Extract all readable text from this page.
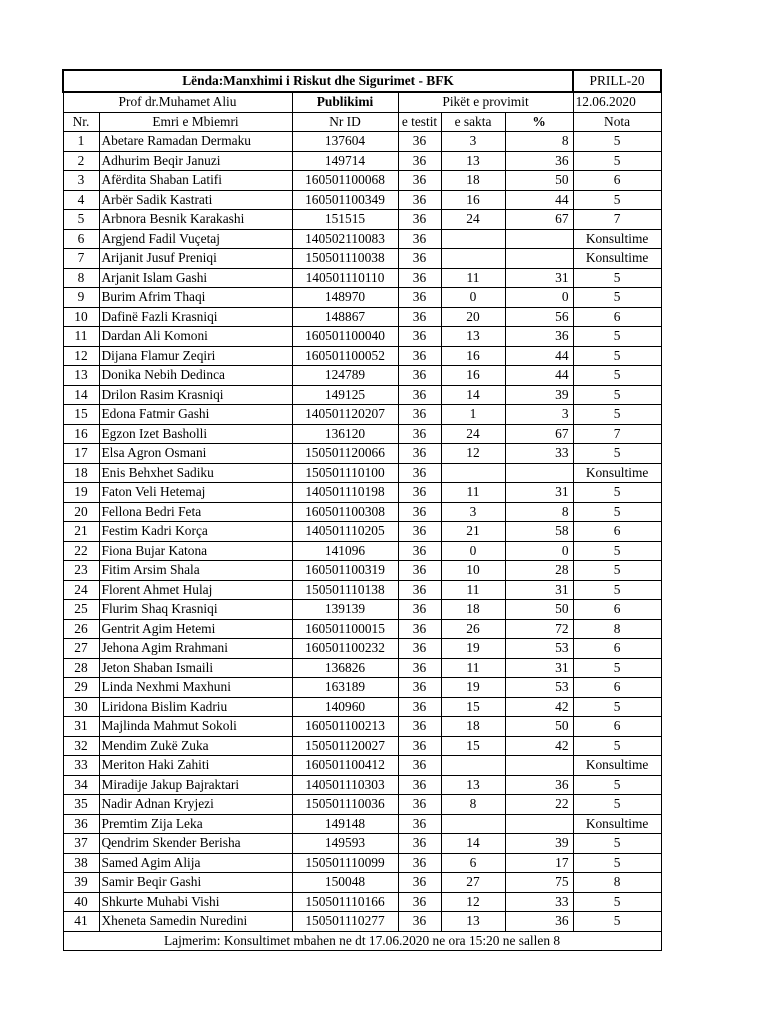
Lënda:Manxhimi i Riskut dhe Sigurimet - BFK						PRILL-20
Prof dr.Muhamet Aliu		Publikimi	Pikët e provimit			12.06.2020
Nr.	Emri e Mbiemri	Nr ID	e testit	e sakta	%	Nota
1	Abetare Ramadan Dermaku	137604	36	3	8	5
2	Adhurim Beqir Januzi	149714	36	13	36	5
3	Afërdita Shaban Latifi	160501100068	36	18	50	6
4	Arbër Sadik Kastrati	160501100349	36	16	44	5
5	Arbnora Besnik Karakashi	151515	36	24	67	7
6	Argjend Fadil Vuçetaj	140502110083	36			Konsultime
7	Arijanit Jusuf Preniqi	150501110038	36			Konsultime
8	Arjanit Islam Gashi	140501110110	36	11	31	5
9	Burim Afrim Thaqi	148970	36	0	0	5
10	Dafinë Fazli Krasniqi	148867	36	20	56	6
11	Dardan Ali Komoni	160501100040	36	13	36	5
12	Dijana Flamur Zeqiri	160501100052	36	16	44	5
13	Donika Nebih Dedinca	124789	36	16	44	5
14	Drilon Rasim Krasniqi	149125	36	14	39	5
15	Edona Fatmir Gashi	140501120207	36	1	3	5
16	Egzon Izet Basholli	136120	36	24	67	7
17	Elsa Agron Osmani	150501120066	36	12	33	5
18	Enis Behxhet Sadiku	150501110100	36			Konsultime
19	Faton Veli Hetemaj	140501110198	36	11	31	5
20	Fellona Bedri Feta	160501100308	36	3	8	5
21	Festim Kadri Korça	140501110205	36	21	58	6
22	Fiona Bujar Katona	141096	36	0	0	5
23	Fitim Arsim Shala	160501100319	36	10	28	5
24	Florent Ahmet Hulaj	150501110138	36	11	31	5
25	Flurim Shaq Krasniqi	139139	36	18	50	6
26	Gentrit Agim Hetemi	160501100015	36	26	72	8
27	Jehona Agim Rrahmani	160501100232	36	19	53	6
28	Jeton Shaban Ismaili	136826	36	11	31	5
29	Linda Nexhmi Maxhuni	163189	36	19	53	6
30	Liridona Bislim Kadriu	140960	36	15	42	5
31	Majlinda Mahmut Sokoli	160501100213	36	18	50	6
32	Mendim Zukë Zuka	150501120027	36	15	42	5
33	Meriton Haki Zahiti	160501100412	36			Konsultime
34	Miradije Jakup Bajraktari	140501110303	36	13	36	5
35	Nadir Adnan Kryjezi	150501110036	36	8	22	5
36	Premtim Zija Leka	149148	36			Konsultime
37	Qendrim Skender Berisha	149593	36	14	39	5
38	Samed Agim Alija	150501110099	36	6	17	5
39	Samir Beqir Gashi	150048	36	27	75	8
40	Shkurte Muhabi Vishi	150501110166	36	12	33	5
41	Xheneta Samedin Nuredini	150501110277	36	13	36	5
Lajmerim: Konsultimet mbahen ne dt 17.06.2020 ne ora 15:20 ne sallen 8						
